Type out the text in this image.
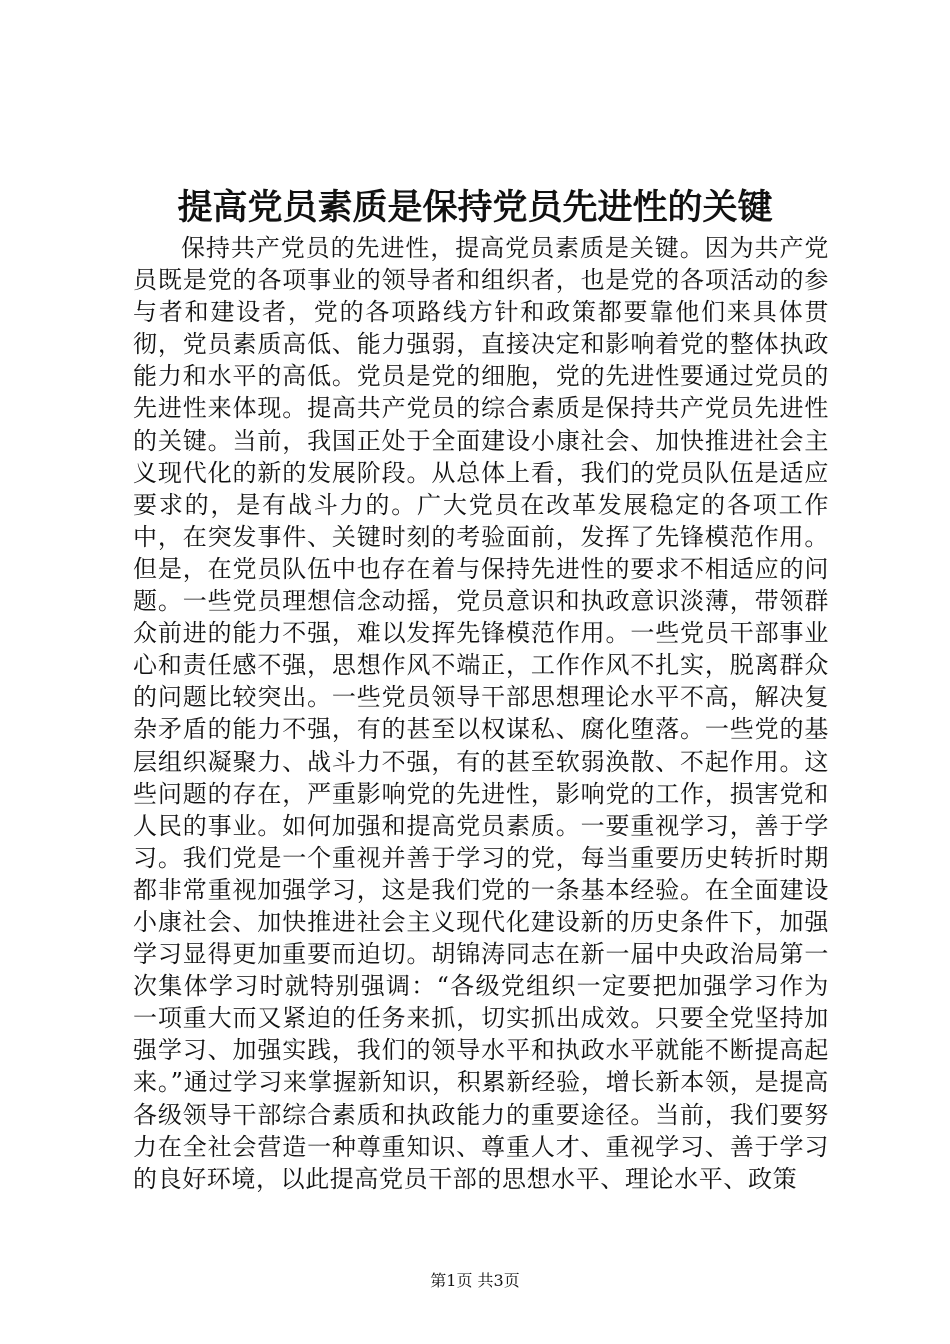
提高党员素质是保持党员先进性的关键

保持共产党员的先进性，提高党员素质是关键。因为共产党员既是党的各项事业的领导者和组织者，也是党的各项活动的参与者和建设者，党的各项路线方针和政策都要靠他们来具体贯彻，党员素质高低、能力强弱，直接决定和影响着党的整体执政能力和水平的高低。党员是党的细胞，党的先进性要通过党员的先进性来体现。提高共产党员的综合素质是保持共产党员先进性的关键。当前，我国正处于全面建设小康社会、加快推进社会主义现代化的新的发展阶段。从总体上看，我们的党员队伍是适应要求的，是有战斗力的。广大党员在改革发展稳定的各项工作中，在突发事件、关键时刻的考验面前，发挥了先锋模范作用。但是，在党员队伍中也存在着与保持先进性的要求不相适应的问题。一些党员理想信念动摇，党员意识和执政意识淡薄，带领群众前进的能力不强，难以发挥先锋模范作用。一些党员干部事业心和责任感不强，思想作风不端正，工作作风不扎实，脱离群众的问题比较突出。一些党员领导干部思想理论水平不高，解决复杂矛盾的能力不强，有的甚至以权谋私、腐化堕落。一些党的基层组织凝聚力、战斗力不强，有的甚至软弱涣散、不起作用。这些问题的存在，严重影响党的先进性，影响党的工作，损害党和人民的事业。如何加强和提高党员素质。一要重视学习，善于学习。我们党是一个重视并善于学习的党，每当重要历史转折时期都非常重视加强学习，这是我们党的一条基本经验。在全面建设小康社会、加快推进社会主义现代化建设新的历史条件下，加强学习显得更加重要而迫切。胡锦涛同志在新一届中央政治局第一次集体学习时就特别强调：“各级党组织一定要把加强学习作为一项重大而又紧迫的任务来抓，切实抓出成效。只要全党坚持加强学习、加强实践，我们的领导水平和执政水平就能不断提高起来。”通过学习来掌握新知识，积累新经验，增长新本领，是提高各级领导干部综合素质和执政能力的重要途径。当前，我们要努力在全社会营造一种尊重知识、尊重人才、重视学习、善于学习的良好环境，以此提高党员干部的思想水平、理论水平、政策

第1页 共3页
